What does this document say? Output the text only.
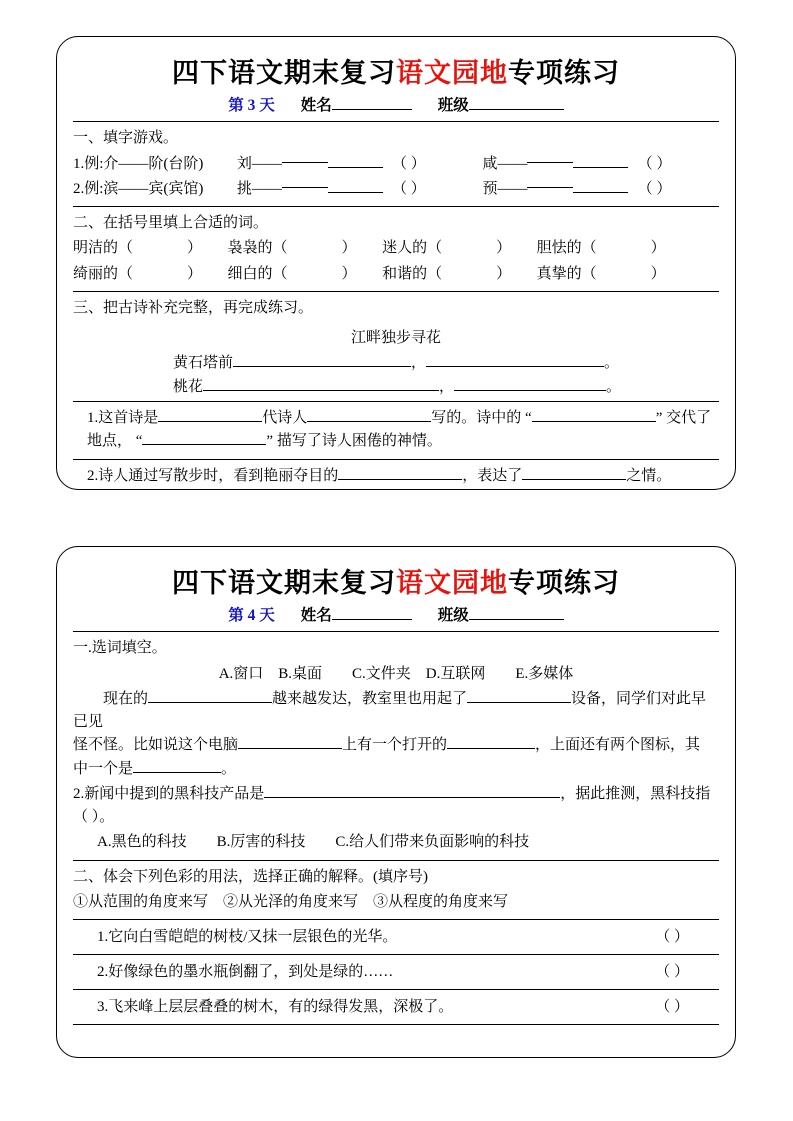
四下语文期末复习语文园地专项练习
第 3 天 姓名	班级
一、填字游戏。
1.例:介——阶(台阶) 刘——	（ ）	咸——	（ ）
2.例:滨——宾(宾馆) 挑——	（ ）	预——	（ ）
二、在括号里填上合适的词。
明洁的（	） 袅袅的（	） 迷人的（	） 胆怯的（	）
绮丽的（	） 细白的（	） 和谐的（	） 真挚的（	）
三、把古诗补充完整，再完成练习。
江畔独步寻花
黄石塔前	，	。
桃花	，	。
1.这首诗是	代诗人	写的。诗中的 “	” 交代了
地点， “	” 描写了诗人困倦的神情。
2.诗人通过写散步时，看到艳丽夺目的	，表达了	之情。
四下语文期末复习语文园地专项练习
第 4 天 姓名	班级
一.选词填空。
A.窗口　B.桌面　　C.文件夹　D.互联网　　E.多媒体
现在的	越来越发达，教室里也用起了	设备，同学们对此早已见
怪不怪。比如说这个电脑	上有一个打开的	，上面还有两个图标，其
中一个是	。
2.新闻中提到的黑科技产品是	，据此推测，黑科技指
（ ）。
A.黑色的科技　　B.厉害的科技　　C.给人们带来负面影响的科技
二、体会下列色彩的用法，选择正确的解释。(填序号)
①从范围的角度来写　②从光泽的角度来写　③从程度的角度来写
1.它向白雪皑皑的树枝/又抹一层银色的光华。	（ ）
2.好像绿色的墨水瓶倒翻了，到处是绿的……	（ ）
3.飞来峰上层层叠叠的树木，有的绿得发黑，深极了。	（ ）
